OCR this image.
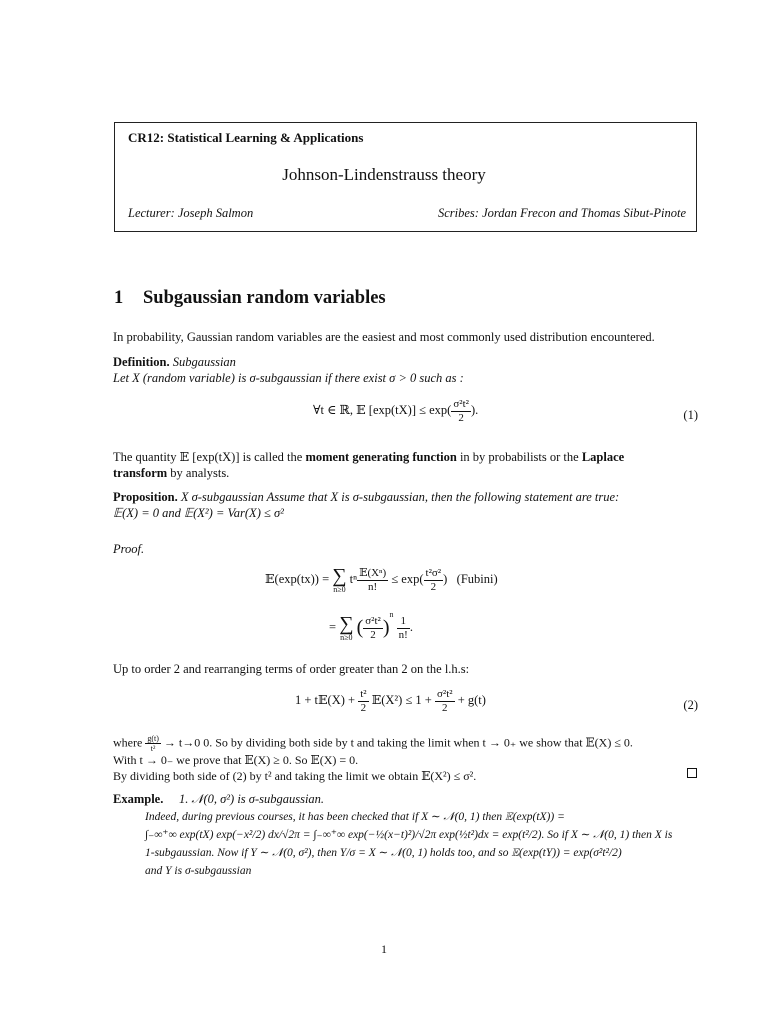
CR12: Statistical Learning & Applications
Johnson-Lindenstrauss theory
Lecturer: Joseph Salmon	Scribes: Jordan Frecon and Thomas Sibut-Pinote
1 Subgaussian random variables
In probability, Gaussian random variables are the easiest and most commonly used distribution encountered.
Definition. Subgaussian
Let X (random variable) is σ-subgaussian if there exist σ > 0 such as :
∀t ∈ ℝ, 𝔼 $[\exp(tX)] \le \exp( \frac{\text{σ²t²}}{2}$ ).	(1)
The quantity 𝔼 [exp(tX)] is called the moment generating function in by probabilists or the Laplace
transform by analysts.
Proposition. X σ-subgaussian Assume that X is σ-subgaussian, then the following statement are true:
𝔼(X) = 0 and 𝔼(X²) = Var(X) ≤ σ²
Proof.
𝔼(exp(tx)) = ∑
n≥0
tⁿ $\frac{\text{𝔼(Xⁿ)}}{n!} \le \exp( \frac{\text{t²σ²}}{2}$ ) (Fubini)
= ∑
n≥0 ( $\frac{\text{σ²t²}}{2} )^n$
$\frac{1}{n!}$ .
Up to order 2 and rearranging terms of order greater than 2 on the l.h.s:
1 + t𝔼(X) + $\frac{\text{t²}}{2}$ 𝔼(X²) ≤ $1 + \frac{\text{σ²t²}}{2} + g(t)$	(2)
where $\frac{g(t)}{\text{t²}} \to t\to 0$ 0. So by dividing both side by t and taking the limit when t → 0₊ we show that 𝔼(X) ≤ 0.
With t → 0₋ we prove that 𝔼(X) ≥ 0. So 𝔼(X) = 0.
By dividing both side of (2) by t² and taking the limit we obtain 𝔼(X²) ≤ σ².
Example. 1. 𝒩(0, σ²) is σ-subgaussian.
Indeed, during previous courses, it has been checked that if X ∼ 𝒩(0, 1) then 𝔼(exp(tX)) =
∫₋∞⁺∞ exp(tX) exp(−x²/2) dx/√2π = ∫₋∞⁺∞ exp(−½(x−t)²)/√2π exp(½t²)dx = exp(t²/2). So if X ∼ 𝒩(0, 1) then X is
1-subgaussian. Now if Y ∼ 𝒩(0, σ²), then Y/σ = X ∼ 𝒩(0, 1) holds too, and so 𝔼(exp(tY)) = exp(σ²t²/2)
and Y is σ-subgaussian
1
